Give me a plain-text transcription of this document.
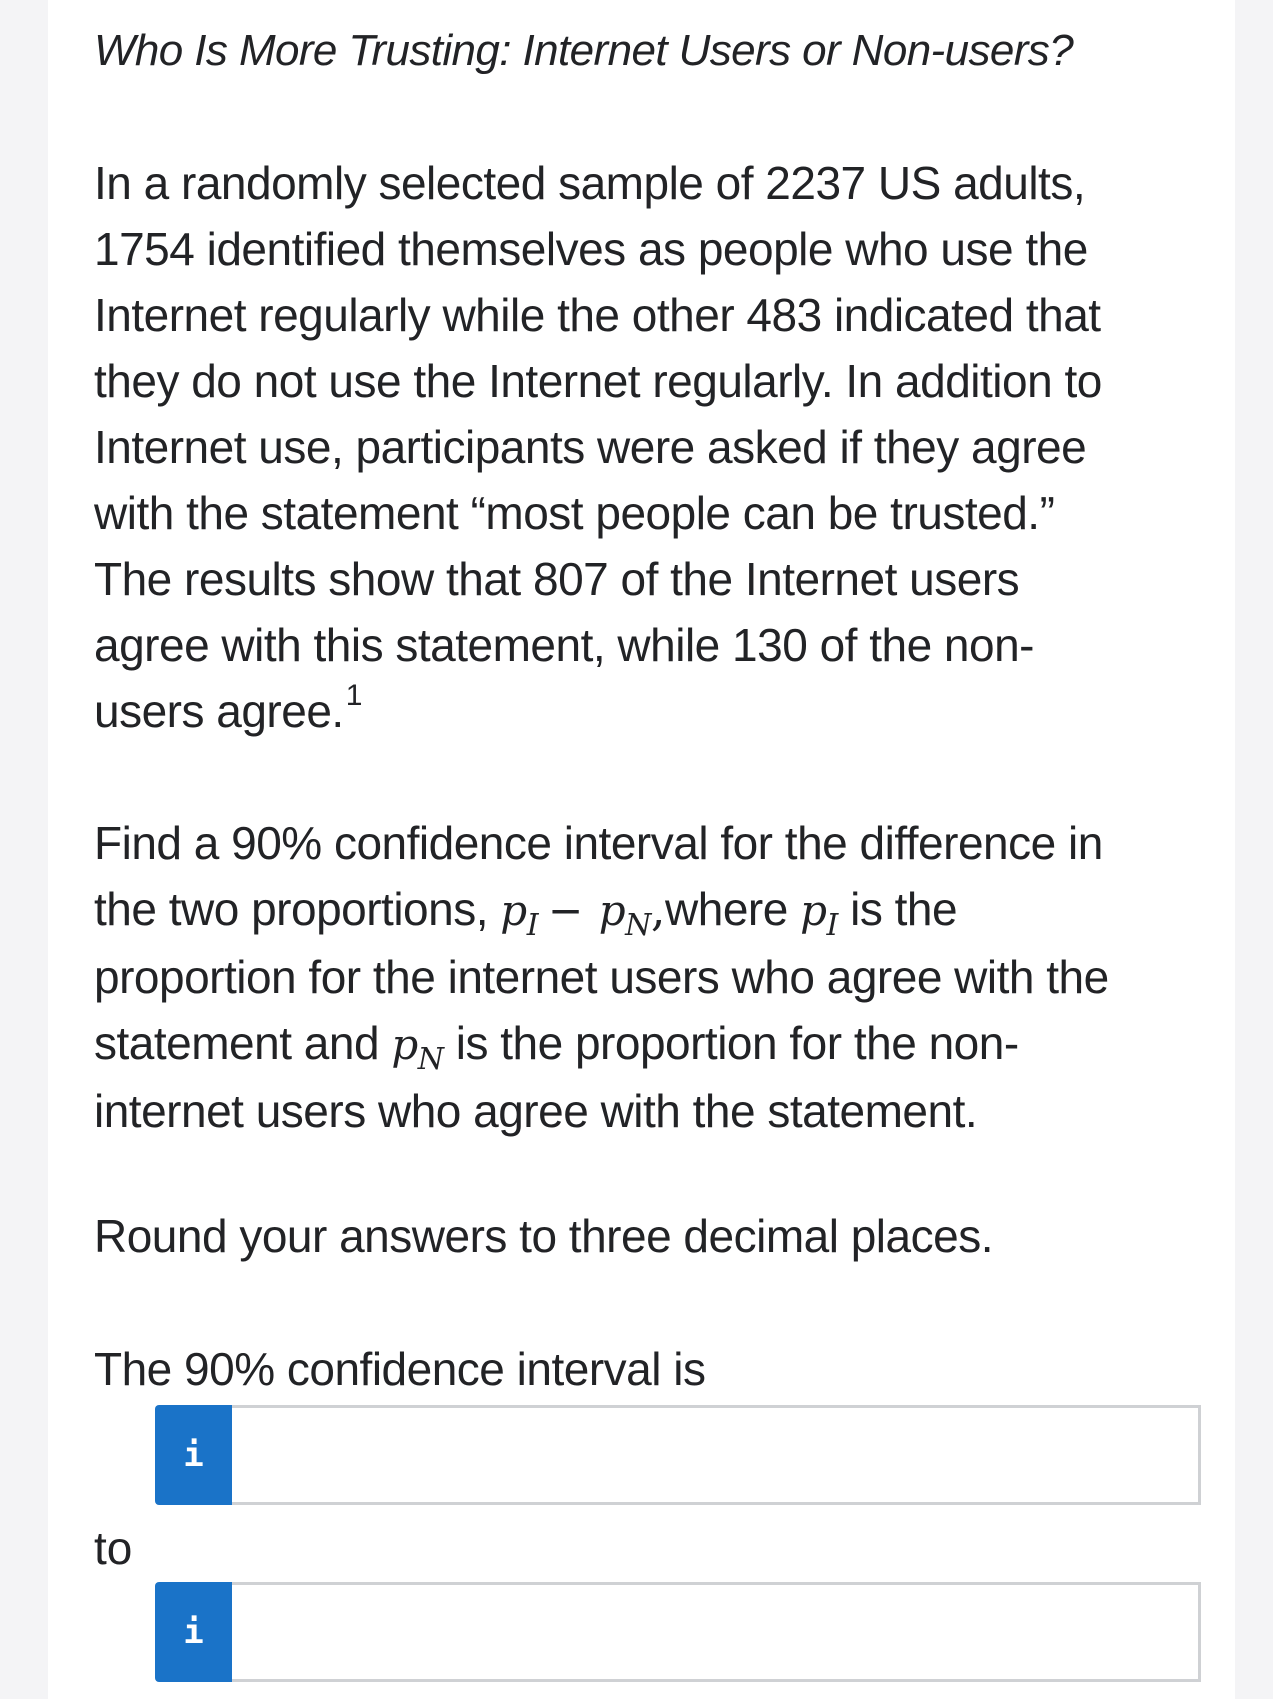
Who Is More Trusting: Internet Users or Non-users?

In a randomly selected sample of 2237 US adults,
1754 identified themselves as people who use the
Internet regularly while the other 483 indicated that
they do not use the Internet regularly. In addition to
Internet use, participants were asked if they agree
with the statement “most people can be trusted.”
The results show that 807 of the Internet users
agree with this statement, while 130 of the non-
users agree.$^1$

Find a 90% confidence interval for the difference in
the two proportions, $p_I$ − $p_N,where$ $p_I$ is the
proportion for the internet users who agree with the
statement and $p_N$ is the proportion for the non-
internet users who agree with the statement.

Round your answers to three decimal places.

The 90% confidence interval is

i

to

i
